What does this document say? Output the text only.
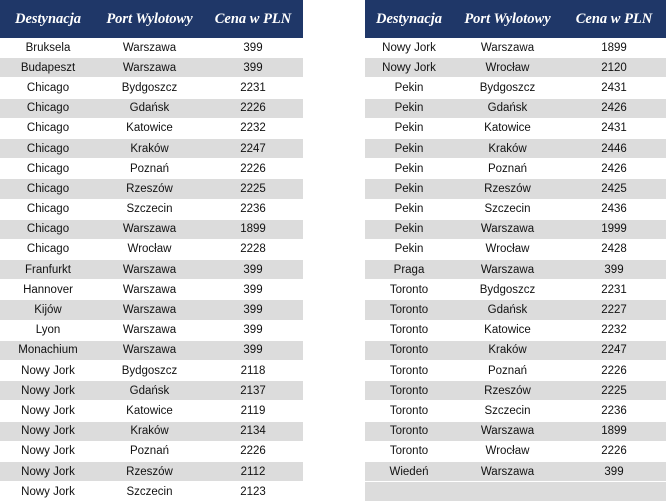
Destynacja	Port Wylotowy	Cena w PLN
Bruksela	Warszawa	399
Budapeszt	Warszawa	399
Chicago	Bydgoszcz	2231
Chicago	Gdańsk	2226
Chicago	Katowice	2232
Chicago	Kraków	2247
Chicago	Poznań	2226
Chicago	Rzeszów	2225
Chicago	Szczecin	2236
Chicago	Warszawa	1899
Chicago	Wrocław	2228
Franfurkt	Warszawa	399
Hannover	Warszawa	399
Kijów	Warszawa	399
Lyon	Warszawa	399
Monachium	Warszawa	399
Nowy Jork	Bydgoszcz	2118
Nowy Jork	Gdańsk	2137
Nowy Jork	Katowice	2119
Nowy Jork	Kraków	2134
Nowy Jork	Poznań	2226
Nowy Jork	Rzeszów	2112
Nowy Jork	Szczecin	2123
Destynacja	Port Wylotowy	Cena w PLN
Nowy Jork	Warszawa	1899
Nowy Jork	Wrocław	2120
Pekin	Bydgoszcz	2431
Pekin	Gdańsk	2426
Pekin	Katowice	2431
Pekin	Kraków	2446
Pekin	Poznań	2426
Pekin	Rzeszów	2425
Pekin	Szczecin	2436
Pekin	Warszawa	1999
Pekin	Wrocław	2428
Praga	Warszawa	399
Toronto	Bydgoszcz	2231
Toronto	Gdańsk	2227
Toronto	Katowice	2232
Toronto	Kraków	2247
Toronto	Poznań	2226
Toronto	Rzeszów	2225
Toronto	Szczecin	2236
Toronto	Warszawa	1899
Toronto	Wrocław	2226
Wiedeń	Warszawa	399
